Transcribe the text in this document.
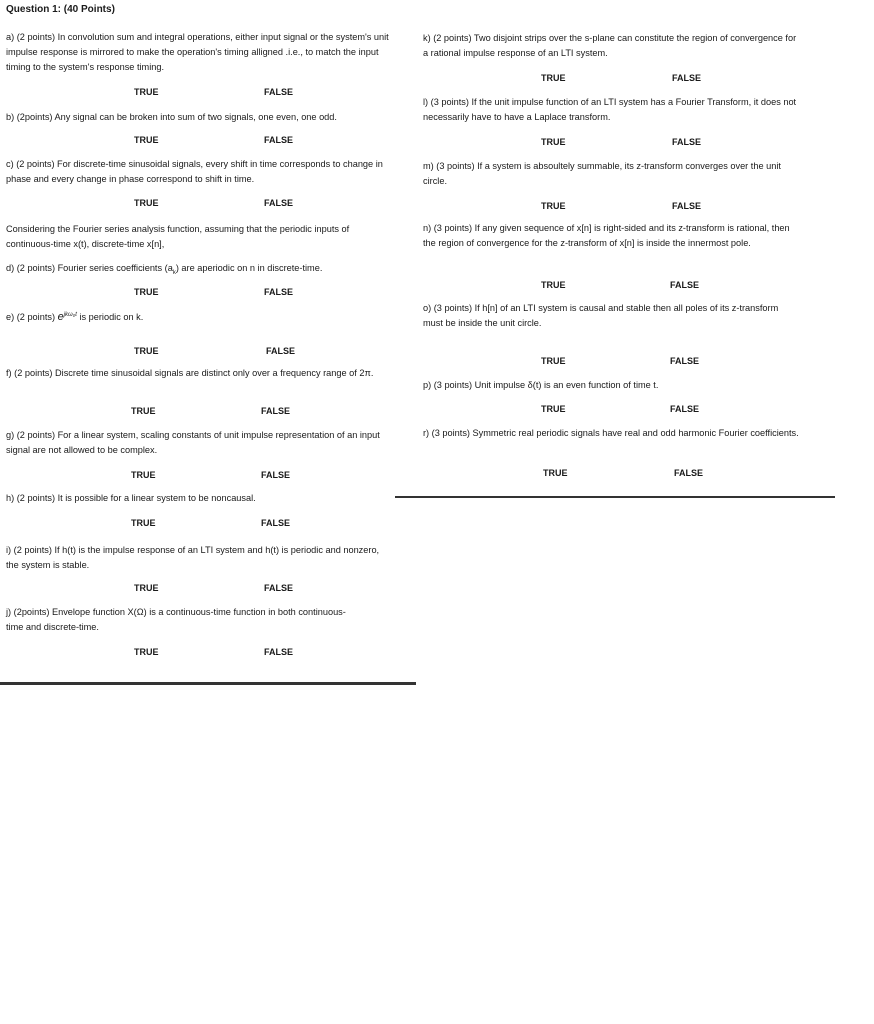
Question 1: (40 Points)
a) (2 points) In convolution sum and integral operations, either input signal or the system's unit impulse response is mirrored to make the operation's timing alligned .i.e., to match the input timing to the system's response timing.
TRUE	FALSE
b) (2points) Any signal can be broken into sum of two signals, one even, one odd.
TRUE	FALSE
c) (2 points) For discrete-time sinusoidal signals, every shift in time corresponds to change in phase and every change in phase correspond to shift in time.
TRUE	FALSE
Considering the Fourier series analysis function, assuming that the periodic inputs of continuous-time x(t), discrete-time x[n],
d) (2 points) Fourier series coefficients $(a_k)$ are aperiodic on n in discrete-time.
TRUE	FALSE
e) (2 points) $e^{jk\omega_0t}$ is periodic on k.
TRUE	FALSE
f) (2 points) Discrete time sinusoidal signals are distinct only over a frequency range of 2π.
TRUE	FALSE
g) (2 points) For a linear system, scaling constants of unit impulse representation of an input signal are not allowed to be complex.
TRUE	FALSE
h) (2 points) It is possible for a linear system to be noncausal.
TRUE	FALSE
i) (2 points) If h(t) is the impulse response of an LTI system and h(t) is periodic and nonzero, the system is stable.
TRUE	FALSE
j) (2points) Envelope function X(Ω) is a continuous-time function in both continuous-time and discrete-time.
TRUE	FALSE
k) (2 points) Two disjoint strips over the s-plane can constitute the region of convergence for a rational impulse response of an LTI system.
TRUE	FALSE
l) (3 points) If the unit impulse function of an LTI system has a Fourier Transform, it does not necessarily have to have a Laplace transform.
TRUE	FALSE
m) (3 points) If a system is absoultely summable, its z-transform converges over the unit circle.
TRUE	FALSE
n) (3 points) If any given sequence of x[n] is right-sided and its z-transform is rational, then the region of convergence for the z-transform of x[n] is inside the innermost pole.
TRUE	FALSE
o) (3 points) If h[n] of an LTI system is causal and stable then all poles of its z-transform must be inside the unit circle.
TRUE	FALSE
p) (3 points) Unit impulse δ(t) is an even function of time t.
TRUE	FALSE
r) (3 points) Symmetric real periodic signals have real and odd harmonic Fourier coefficients.
TRUE	FALSE
